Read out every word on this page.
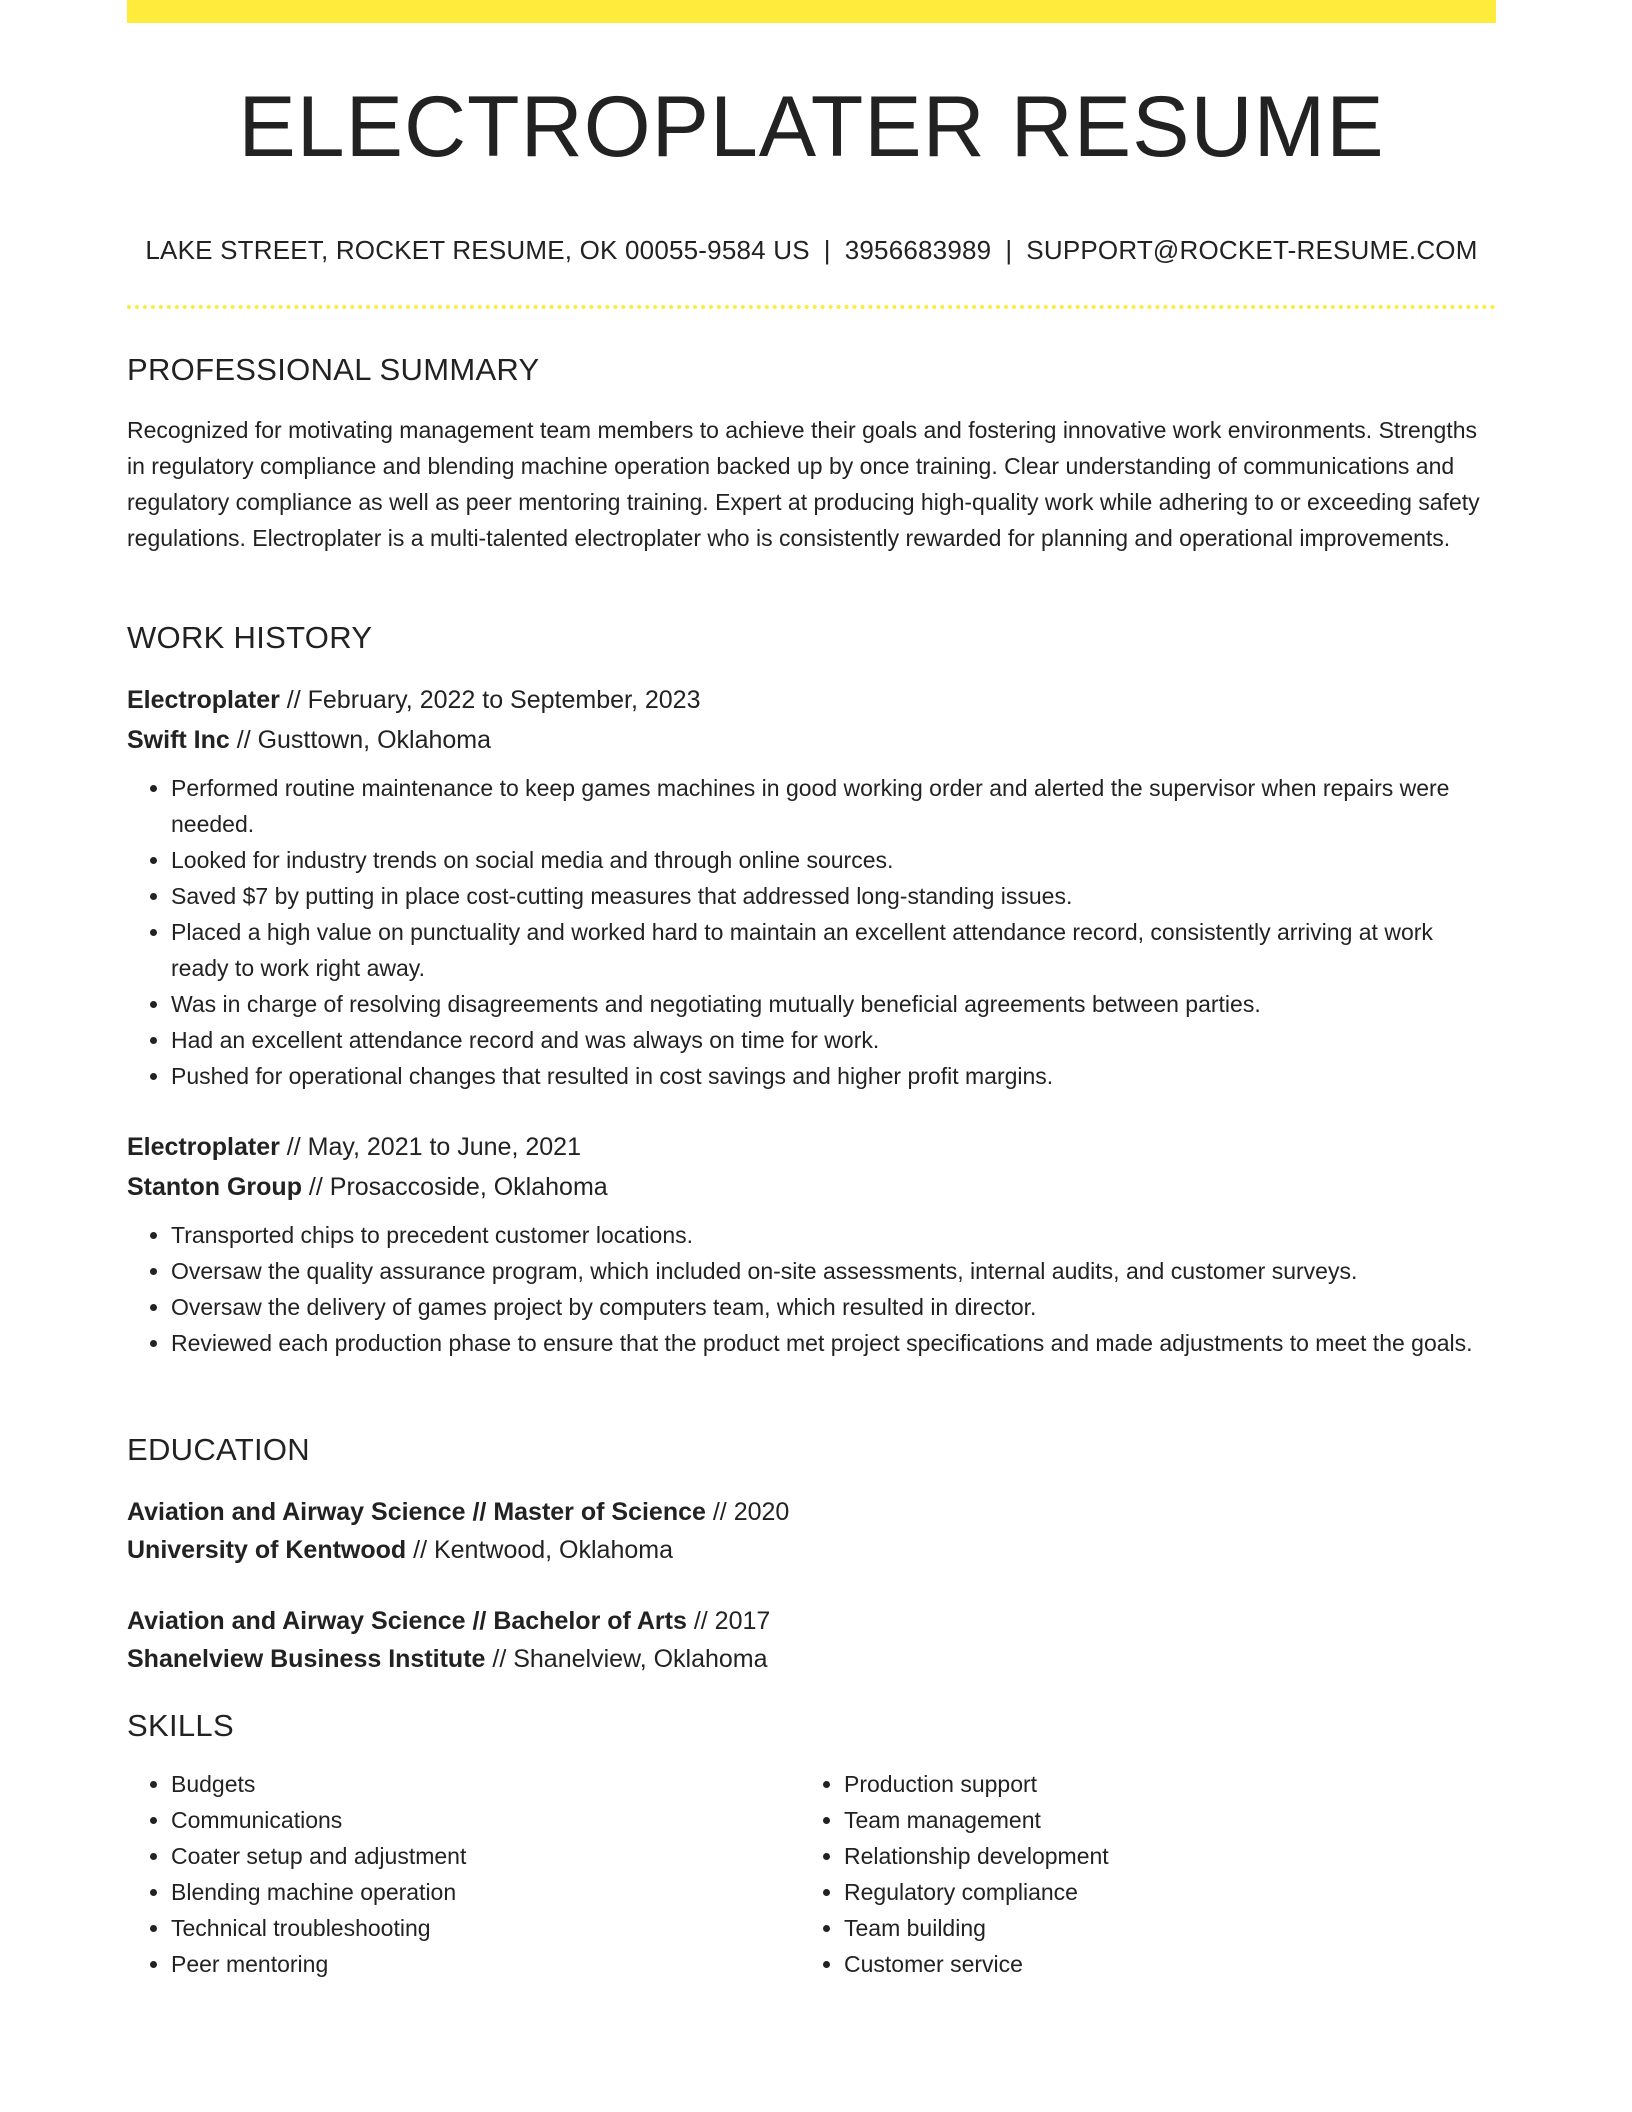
ELECTROPLATER RESUME
LAKE STREET, ROCKET RESUME, OK 00055-9584 US | 3956683989 | SUPPORT@ROCKET-RESUME.COM
PROFESSIONAL SUMMARY

Recognized for motivating management team members to achieve their goals and fostering innovative work environments. Strengths in regulatory compliance and blending machine operation backed up by once training. Clear understanding of communications and regulatory compliance as well as peer mentoring training. Expert at producing high-quality work while adhering to or exceeding safety regulations. Electroplater is a multi-talented electroplater who is consistently rewarded for planning and operational improvements.

WORK HISTORY
Electroplater // February, 2022 to September, 2023
Swift Inc // Gusttown, Oklahoma
• Performed routine maintenance to keep games machines in good working order and alerted the supervisor when repairs were needed.
• Looked for industry trends on social media and through online sources.
• Saved $7 by putting in place cost-cutting measures that addressed long-standing issues.
• Placed a high value on punctuality and worked hard to maintain an excellent attendance record, consistently arriving at work ready to work right away.
• Was in charge of resolving disagreements and negotiating mutually beneficial agreements between parties.
• Had an excellent attendance record and was always on time for work.
• Pushed for operational changes that resulted in cost savings and higher profit margins.
Electroplater // May, 2021 to June, 2021
Stanton Group // Prosaccoside, Oklahoma
• Transported chips to precedent customer locations.
• Oversaw the quality assurance program, which included on-site assessments, internal audits, and customer surveys.
• Oversaw the delivery of games project by computers team, which resulted in director.
• Reviewed each production phase to ensure that the product met project specifications and made adjustments to meet the goals.
EDUCATION
Aviation and Airway Science // Master of Science // 2020
University of Kentwood // Kentwood, Oklahoma
Aviation and Airway Science // Bachelor of Arts // 2017
Shanelview Business Institute // Shanelview, Oklahoma
SKILLS
• Budgets
• Communications
• Coater setup and adjustment
• Blending machine operation
• Technical troubleshooting
• Peer mentoring
• Production support
• Team management
• Relationship development
• Regulatory compliance
• Team building
• Customer service
